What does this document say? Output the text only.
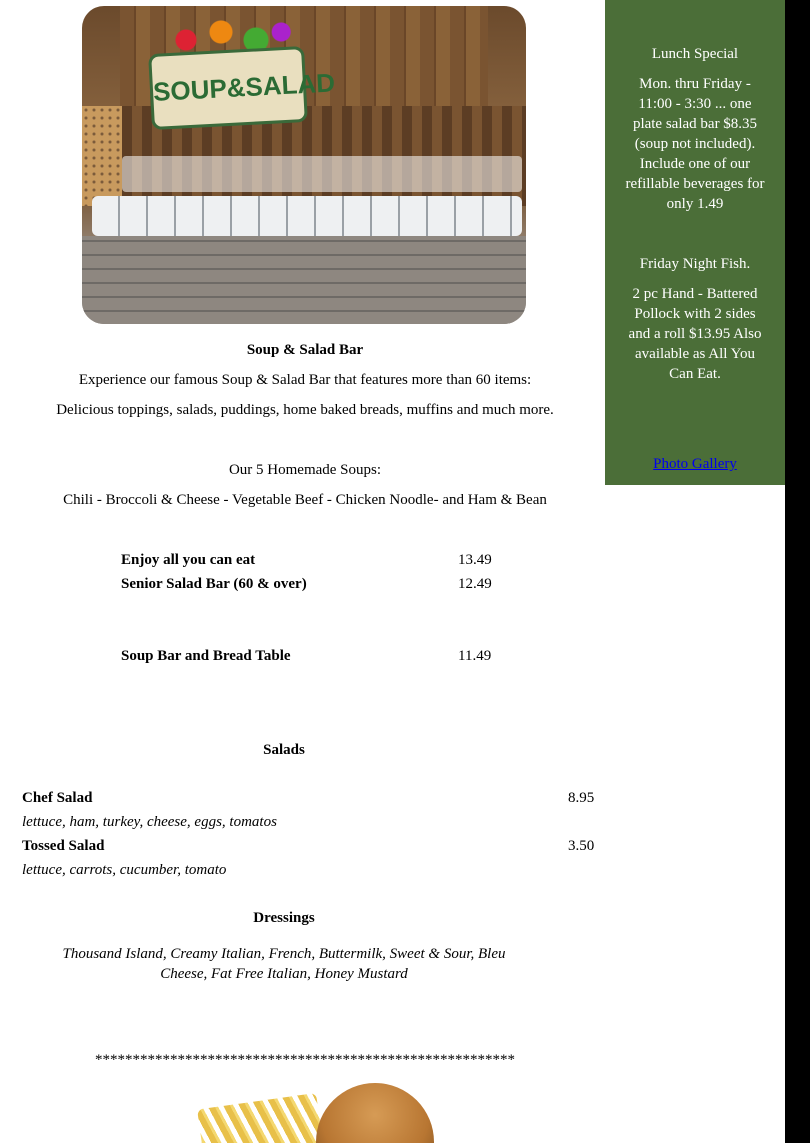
SOUP&SALAD
Soup & Salad Bar
Experience our famous Soup & Salad Bar that features more than 60 items:
Delicious toppings, salads, puddings, home baked breads, muffins and much more.
Our 5 Homemade Soups:
Chili - Broccoli & Cheese - Vegetable Beef - Chicken Noodle- and Ham & Bean
Enjoy all you can eat	13.49
Senior Salad Bar (60 & over)	12.49
Soup Bar and Bread Table	11.49
Salads
Chef Salad	8.95
lettuce, ham, turkey, cheese, eggs, tomatos
Tossed Salad	3.50
lettuce, carrots, cucumber, tomato
Dressings
Thousand Island, Creamy Italian, French, Buttermilk, Sweet & Sour, Bleu
Cheese, Fat Free Italian, Honey Mustard
********************************************************
Lunch Special
Mon. thru Friday -
11:00 - 3:30 ... one
plate salad bar $8.35
(soup not included).
Include one of our
refillable beverages for
only 1.49
Friday Night Fish.
2 pc Hand - Battered
Pollock with 2 sides
and a roll $13.95 Also
available as All You
Can Eat.
Photo Gallery
